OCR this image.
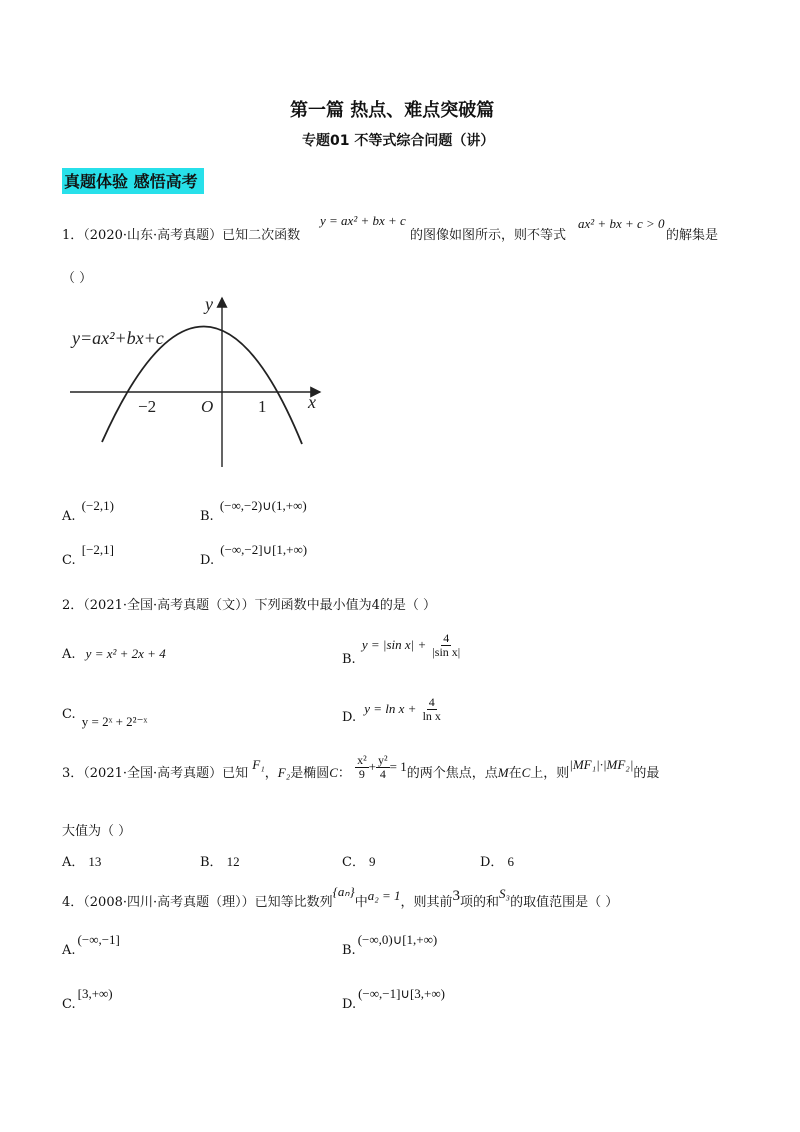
第一篇 热点、难点突破篇
专题01 不等式综合问题（讲）
真题体验 感悟高考
1．（2020·山东·高考真题）已知二次函数
y = ax² + bx + c
的图像如图所示，则不等式
ax² + bx + c > 0
的解集是
（ ）
y=ax²+bx+c
y
x
O
−2	1
A. (−2,1)
B. (−∞,−2)∪(1,+∞)
C. [−2,1]
D. (−∞,−2]∪[1,+∞)
2．（2021·全国·高考真题（文））下列函数中最小值为4的是（ ）
A. y = x² + 2x + 4	B. y = |sin $x| + \frac{4}{\text{|sin x|}}$
C. y = 2ˣ + 2²⁻ˣ	D. $y = \ln x + \frac{4}{\text{ln x}}$
3．（2021·全国·高考真题）已知 F₁，F₂是椭圆C： $\frac{\text{x²}}{9} + \frac{\text{y²}}{4} = 1$的两个焦点，点M在C上，则|MF₁|·|MF₂|的最
大值为（ ）
A． 13	B． 12	C． 9	D． 6
4．（2008·四川·高考真题（理））已知等比数列{aₙ}中a₂ = 1，则其前3项的和S₃的取值范围是（ ）
A.(−∞,−1]
B.(−∞,0)∪[1,+∞)
C.[3,+∞)
D.(−∞,−1]∪[3,+∞)
